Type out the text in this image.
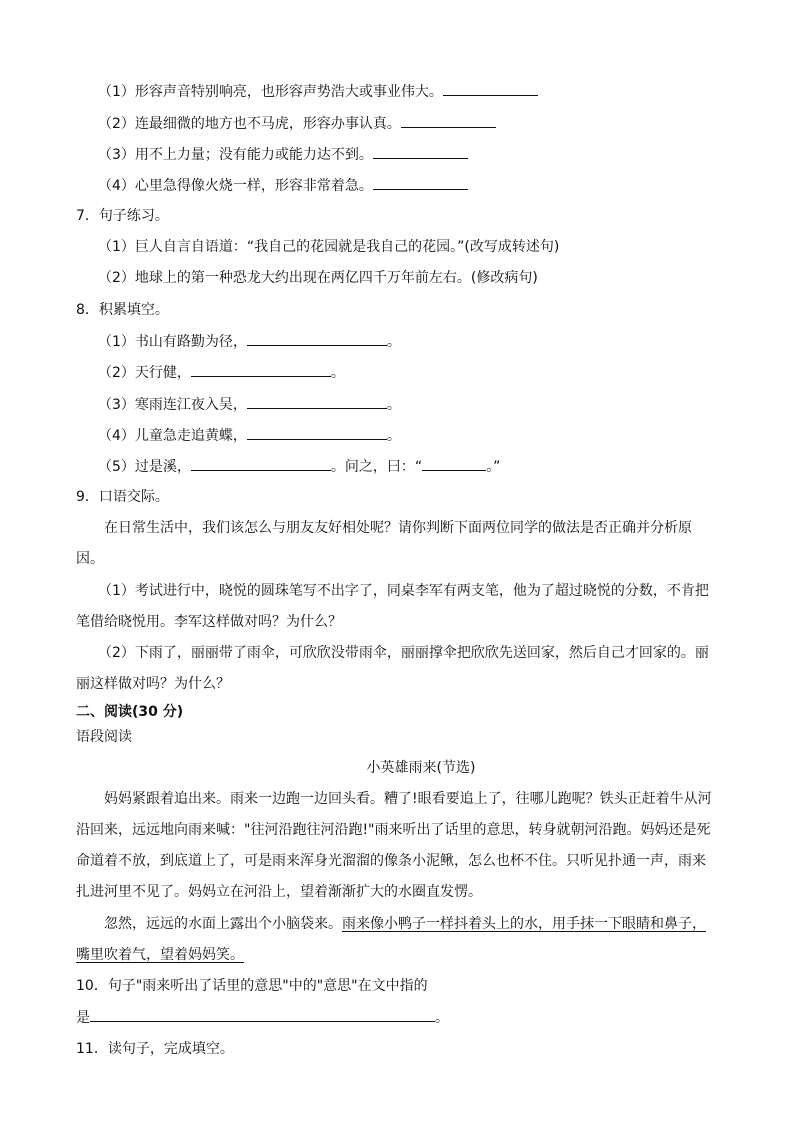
（1）形容声音特别响亮，也形容声势浩大或事业伟大。
（2）连最细微的地方也不马虎，形容办事认真。
（3）用不上力量；没有能力或能力达不到。
（4）心里急得像火烧一样，形容非常着急。
7．句子练习。
（1）巨人自言自语道：“我自己的花园就是我自己的花园。”(改写成转述句)
（2）地球上的第一种恐龙大约出现在两亿四千万年前左右。(修改病句)
8．积累填空。
（1）书山有路勤为径，	。
（2）天行健，	。
（3）寒雨连江夜入吴，	。
（4）儿童急走追黄蝶，	。
（5）过是溪，	。问之，曰：“	。”
9．口语交际。
在日常生活中，我们该怎么与朋友友好相处呢？请你判断下面两位同学的做法是否正确并分析原
因。
（1）考试进行中，晓悦的圆珠笔写不出字了，同桌李军有两支笔，他为了超过晓悦的分数，不肯把
笔借给晓悦用。李军这样做对吗？为什么？
（2）下雨了，丽丽带了雨伞，可欣欣没带雨伞，丽丽撑伞把欣欣先送回家，然后自己才回家的。丽
丽这样做对吗？为什么？
二、阅读(30 分)
语段阅读
小英雄雨来(节选)
妈妈紧跟着追出来。雨来一边跑一边回头看。糟了!眼看要追上了，往哪儿跑呢？铁头正赶着牛从河
沿回来，远远地向雨来喊："往河沿跑往河沿跑!"雨来听出了话里的意思，转身就朝河沿跑。妈妈还是死
命道着不放，到底道上了，可是雨来浑身光溜溜的像条小泥鳅，怎么也杯不住。只听见扑通一声，雨来
扎进河里不见了。妈妈立在河沿上，望着渐渐扩大的水圈直发愣。
忽然，远远的水面上露出个小脑袋来。雨来像小鸭子一样抖着头上的水，用手抹一下眼睛和鼻子，
嘴里吹着气，望着妈妈笑。
10．句子"雨来听出了话里的意思"中的"意思"在文中指的
是	。
11．读句子，完成填空。
